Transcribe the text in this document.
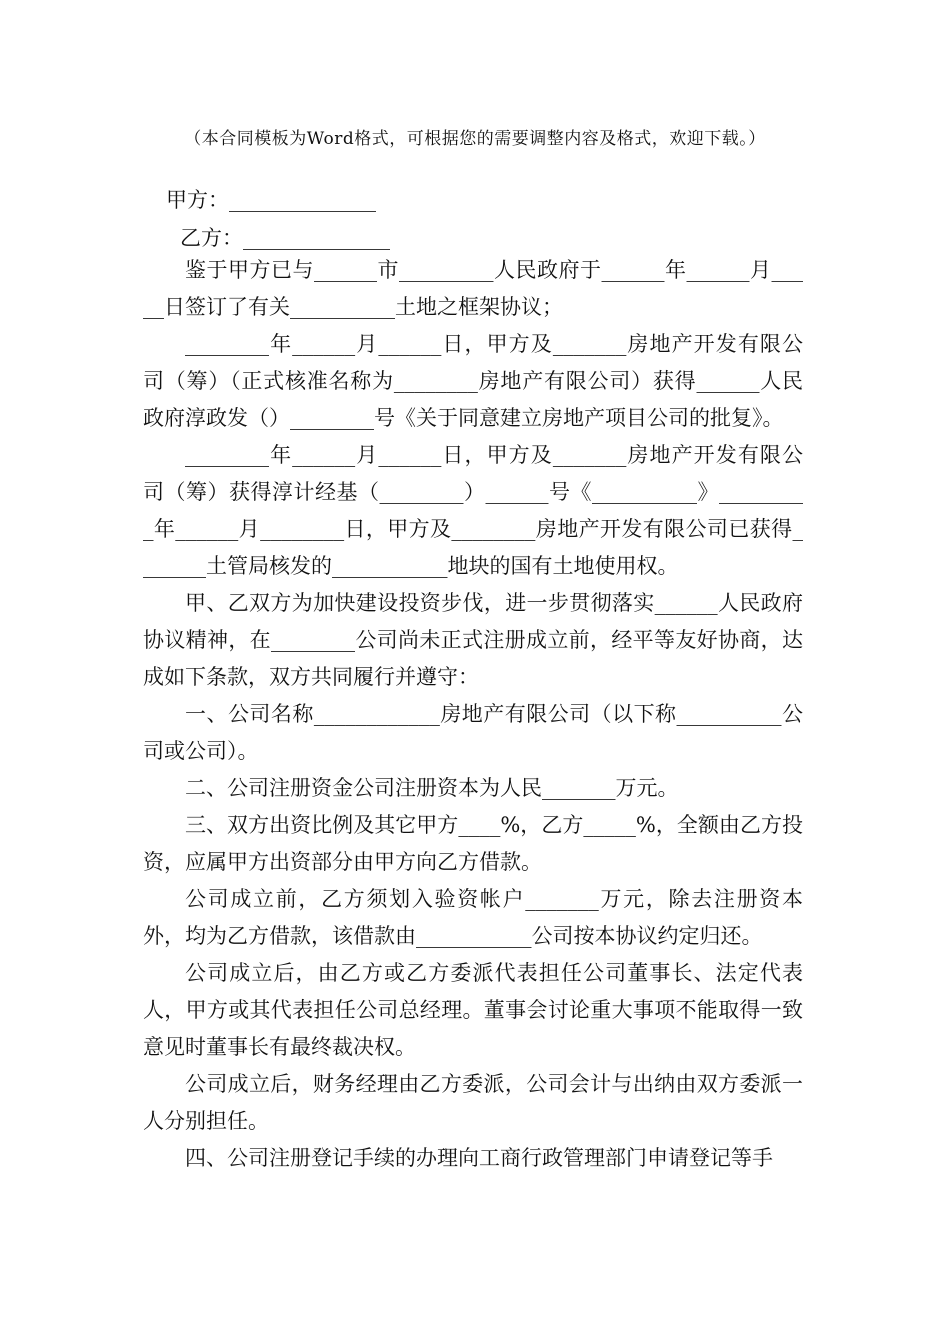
（本合同模板为Word格式，可根据您的需要调整内容及格式，欢迎下载。）
甲方：______________
乙方：______________

鉴于甲方已与______市_________人民政府于______年______月_____日签订了有关__________土地之框架协议；

________年______月______日，甲方及_______房地产开发有限公司（筹）（正式核准名称为________房地产有限公司）获得______人民政府淳政发（）________号《关于同意建立房地产项目公司的批复》。

________年______月______日，甲方及_______房地产开发有限公司（筹）获得淳计经基（________）______号《__________》_________年______月________日，甲方及________房地产开发有限公司已获得_______土管局核发的___________地块的国有土地使用权。

甲、乙双方为加快建设投资步伐，进一步贯彻落实______人民政府协议精神，在________公司尚未正式注册成立前，经平等友好协商，达成如下条款，双方共同履行并遵守：

一、公司名称____________房地产有限公司（以下称__________公司或公司）。

二、公司注册资金公司注册资本为人民_______万元。

三、双方出资比例及其它甲方____%，乙方_____%，全额由乙方投资，应属甲方出资部分由甲方向乙方借款。

公司成立前，乙方须划入验资帐户_______万元，除去注册资本外，均为乙方借款，该借款由___________公司按本协议约定归还。

公司成立后，由乙方或乙方委派代表担任公司董事长、法定代表人，甲方或其代表担任公司总经理。董事会讨论重大事项不能取得一致意见时董事长有最终裁决权。

公司成立后，财务经理由乙方委派，公司会计与出纳由双方委派一人分别担任。

四、公司注册登记手续的办理向工商行政管理部门申请登记等手
